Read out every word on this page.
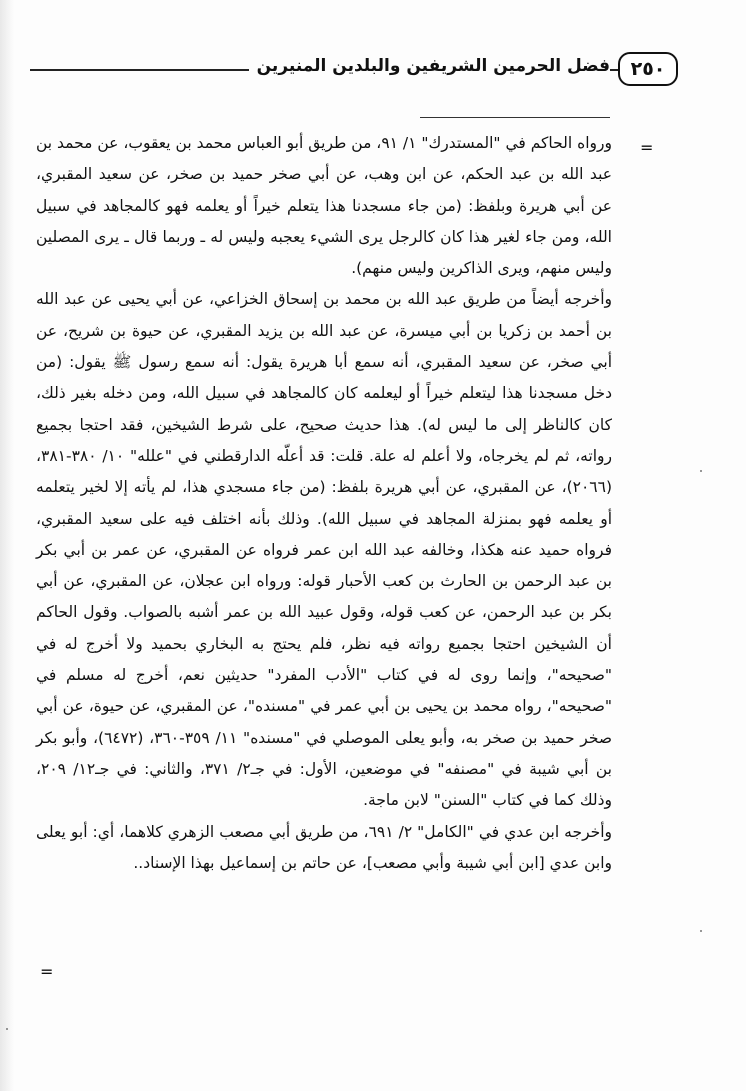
فضل الحرمين الشريفين والبلدين المنيرين	٢٥٠
=

ورواه الحاكم في "المستدرك" ١/ ٩١، من طريق أبو العباس محمد بن يعقوب، عن محمد بن عبد الله بن عبد الحكم، عن ابن وهب، عن أبي صخر حميد بن صخر، عن سعيد المقبري، عن أبي هريرة وبلفظ: (من جاء مسجدنا هذا يتعلم خيراً أو يعلمه فهو كالمجاهد في سبيل الله، ومن جاء لغير هذا كان كالرجل يرى الشيء يعجبه وليس له ـ وربما قال ـ يرى المصلين وليس منهم، ويرى الذاكرين وليس منهم).

وأخرجه أيضاً من طريق عبد الله بن محمد بن إسحاق الخزاعي، عن أبي يحيى عن عبد الله بن أحمد بن زكريا بن أبي ميسرة، عن عبد الله بن يزيد المقبري، عن حيوة بن شريح، عن أبي صخر، عن سعيد المقبري، أنه سمع أبا هريرة يقول: أنه سمع رسول ﷺ يقول: (من دخل مسجدنا هذا ليتعلم خيراً أو ليعلمه كان كالمجاهد في سبيل الله، ومن دخله بغير ذلك، كان كالناظر إلى ما ليس له). هذا حديث صحيح، على شرط الشيخين، فقد احتجا بجميع رواته، ثم لم يخرجاه، ولا أعلم له علة. قلت: قد أعلّه الدارقطني في "علله" ١٠/ ٣٨٠-٣٨١، (٢٠٦٦)، عن المقبري، عن أبي هريرة بلفظ: (من جاء مسجدي هذا، لم يأته إلا لخير يتعلمه أو يعلمه فهو بمنزلة المجاهد في سبيل الله). وذلك بأنه اختلف فيه على سعيد المقبري، فرواه حميد عنه هكذا، وخالفه عبد الله ابن عمر فرواه عن المقبري، عن عمر بن أبي بكر بن عبد الرحمن بن الحارث بن كعب الأحبار قوله: ورواه ابن عجلان، عن المقبري، عن أبي بكر بن عبد الرحمن، عن كعب قوله، وقول عبيد الله بن عمر أشبه بالصواب. وقول الحاكم أن الشيخين احتجا بجميع رواته فيه نظر، فلم يحتج به البخاري بحميد ولا أخرج له في "صحيحه"، وإنما روى له في كتاب "الأدب المفرد" حديثين نعم، أخرج له مسلم في "صحيحه"، رواه محمد بن يحيى بن أبي عمر في "مسنده"، عن المقبري، عن حيوة، عن أبي صخر حميد بن صخر به، وأبو يعلى الموصلي في "مسنده" ١١/ ٣٥٩-٣٦٠، (٦٤٧٢)، وأبو بكر بن أبي شيبة في "مصنفه" في موضعين، الأول: في جـ٢/ ٣٧١، والثاني: في جـ١٢/ ٢٠٩، وذلك كما في كتاب "السنن" لابن ماجة.

وأخرجه ابن عدي في "الكامل" ٢/ ٦٩١، من طريق أبي مصعب الزهري كلاهما، أي: أبو يعلى وابن عدي [ابن أبي شيبة وأبي مصعب]، عن حاتم بن إسماعيل بهذا الإسناد..

=
